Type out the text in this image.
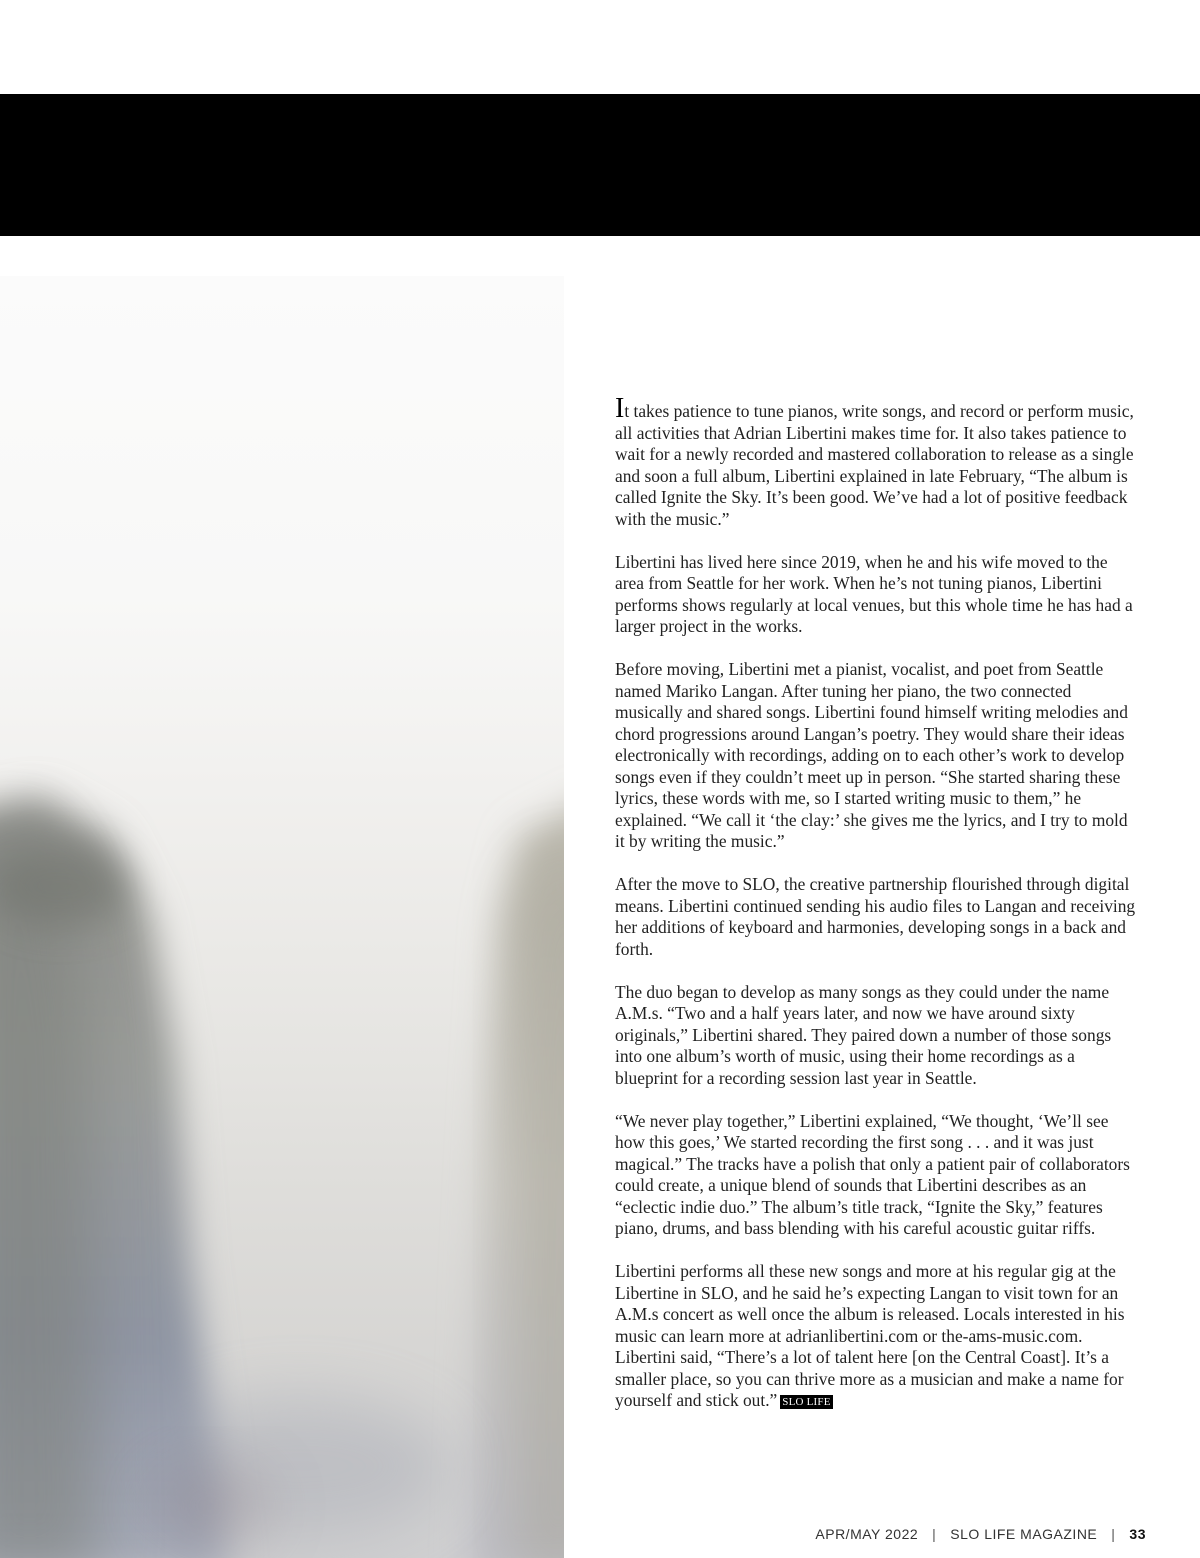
It takes patience to tune pianos, write songs, and record or perform music, all activities that Adrian Libertini makes time for. It also takes patience to wait for a newly recorded and mastered collaboration to release as a single and soon a full album, Libertini explained in late February, “The album is called Ignite the Sky. It’s been good. We’ve had a lot of positive feedback with the music.”

Libertini has lived here since 2019, when he and his wife moved to the area from Seattle for her work. When he’s not tuning pianos, Libertini performs shows regularly at local venues, but this whole time he has had a larger project in the works.

Before moving, Libertini met a pianist, vocalist, and poet from Seattle named Mariko Langan. After tuning her piano, the two connected musically and shared songs. Libertini found himself writing melodies and chord progressions around Langan’s poetry. They would share their ideas electronically with recordings, adding on to each other’s work to develop songs even if they couldn’t meet up in person. “She started sharing these lyrics, these words with me, so I started writing music to them,” he explained. “We call it ‘the clay:’ she gives me the lyrics, and I try to mold it by writing the music.”

After the move to SLO, the creative partnership flourished through digital means. Libertini continued sending his audio files to Langan and receiving her additions of keyboard and harmonies, developing songs in a back and forth.

The duo began to develop as many songs as they could under the name A.M.s. “Two and a half years later, and now we have around sixty originals,” Libertini shared. They paired down a number of those songs into one album’s worth of music, using their home recordings as a blueprint for a recording session last year in Seattle.

“We never play together,” Libertini explained, “We thought, ‘We’ll see how this goes,’ We started recording the first song . . . and it was just magical.” The tracks have a polish that only a patient pair of collaborators could create, a unique blend of sounds that Libertini describes as an “eclectic indie duo.” The album’s title track, “Ignite the Sky,” features piano, drums, and bass blending with his careful acoustic guitar riffs.

Libertini performs all these new songs and more at his regular gig at the Libertine in SLO, and he said he’s expecting Langan to visit town for an A.M.s concert as well once the album is released. Locals interested in his music can learn more at adrianlibertini.com or the-ams-music.com. Libertini said, “There’s a lot of talent here [on the Central Coast]. It’s a smaller place, so you can thrive more as a musician and make a name for yourself and stick out.” SLO LIFE

APR/MAY 2022 | SLO LIFE MAGAZINE | 33
